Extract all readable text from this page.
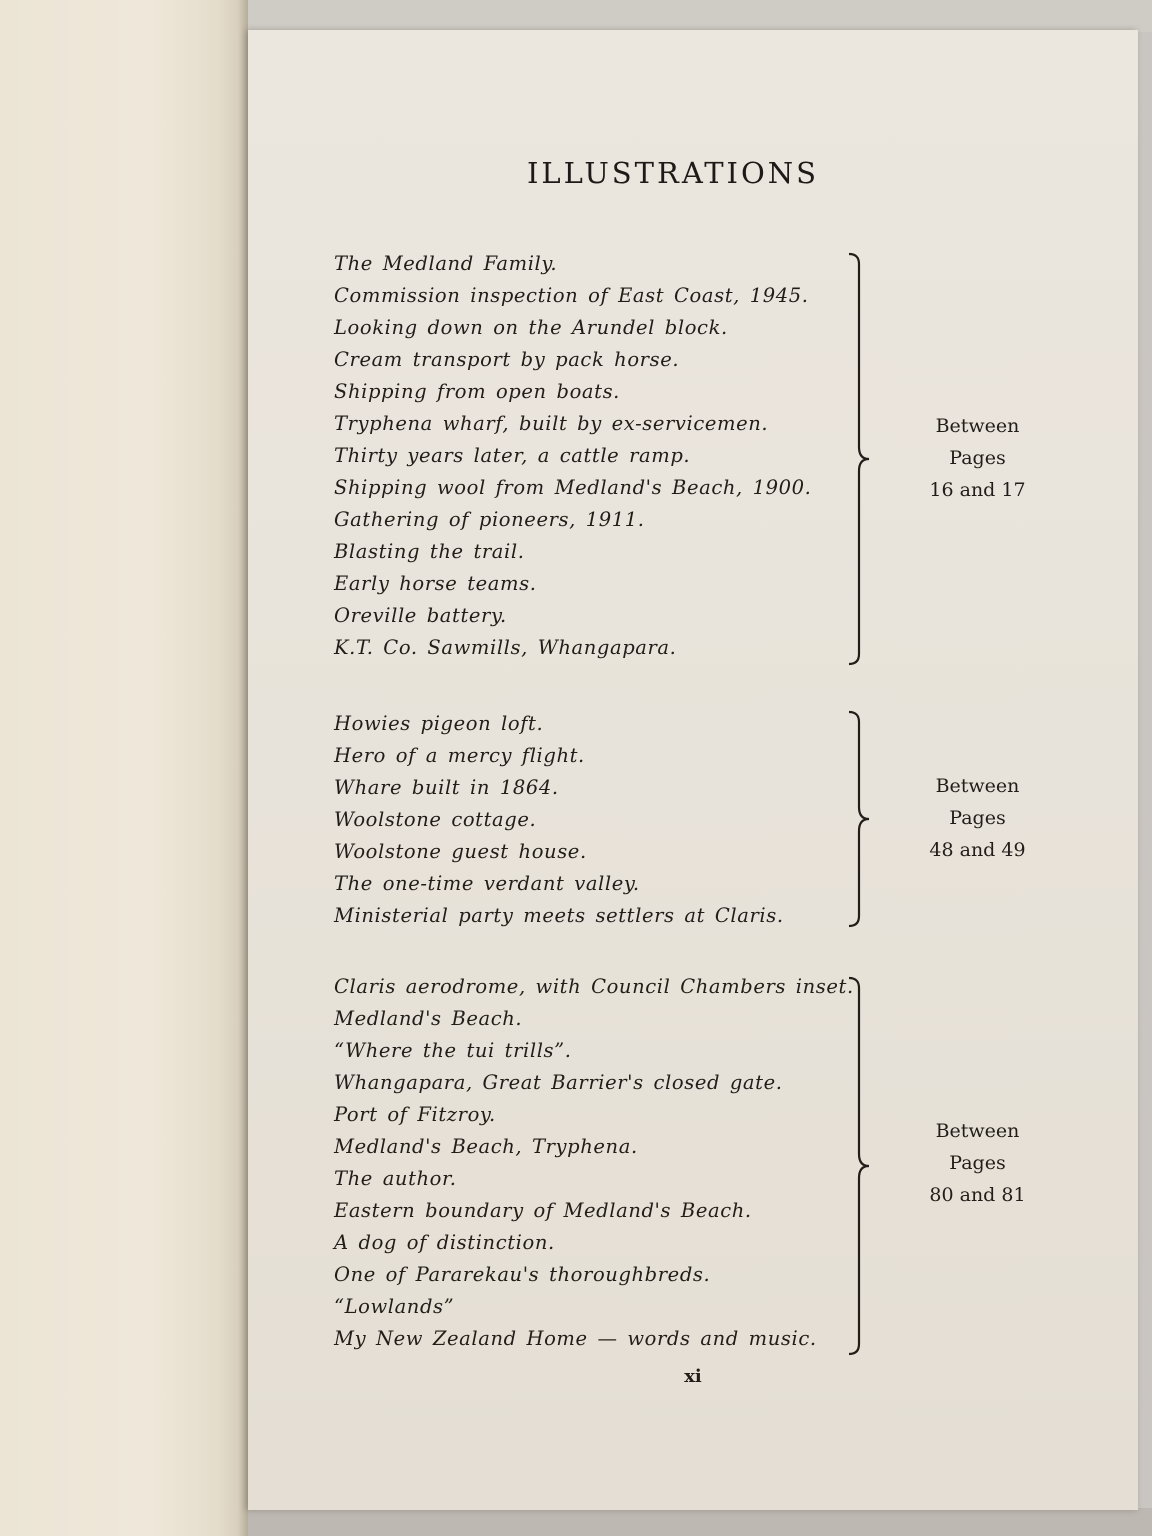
ILLUSTRATIONS
The Medland Family.
Commission inspection of East Coast, 1945.
Looking down on the Arundel block.
Cream transport by pack horse.
Shipping from open boats.
Tryphena wharf, built by ex-servicemen.
Thirty years later, a cattle ramp.
Shipping wool from Medland's Beach, 1900.
Gathering of pioneers, 1911.
Blasting the trail.
Early horse teams.
Oreville battery.
K.T. Co. Sawmills, Whangapara.
Between
Pages
16 and 17
Howies pigeon loft.
Hero of a mercy flight.
Whare built in 1864.
Woolstone cottage.
Woolstone guest house.
The one-time verdant valley.
Ministerial party meets settlers at Claris.
Between
Pages
48 and 49
Claris aerodrome, with Council Chambers inset.
Medland's Beach.
“Where the tui trills”.
Whangapara, Great Barrier's closed gate.
Port of Fitzroy.
Medland's Beach, Tryphena.
The author.
Eastern boundary of Medland's Beach.
A dog of distinction.
One of Pararekau's thoroughbreds.
“Lowlands”
My New Zealand Home — words and music.
Between
Pages
80 and 81
xi
